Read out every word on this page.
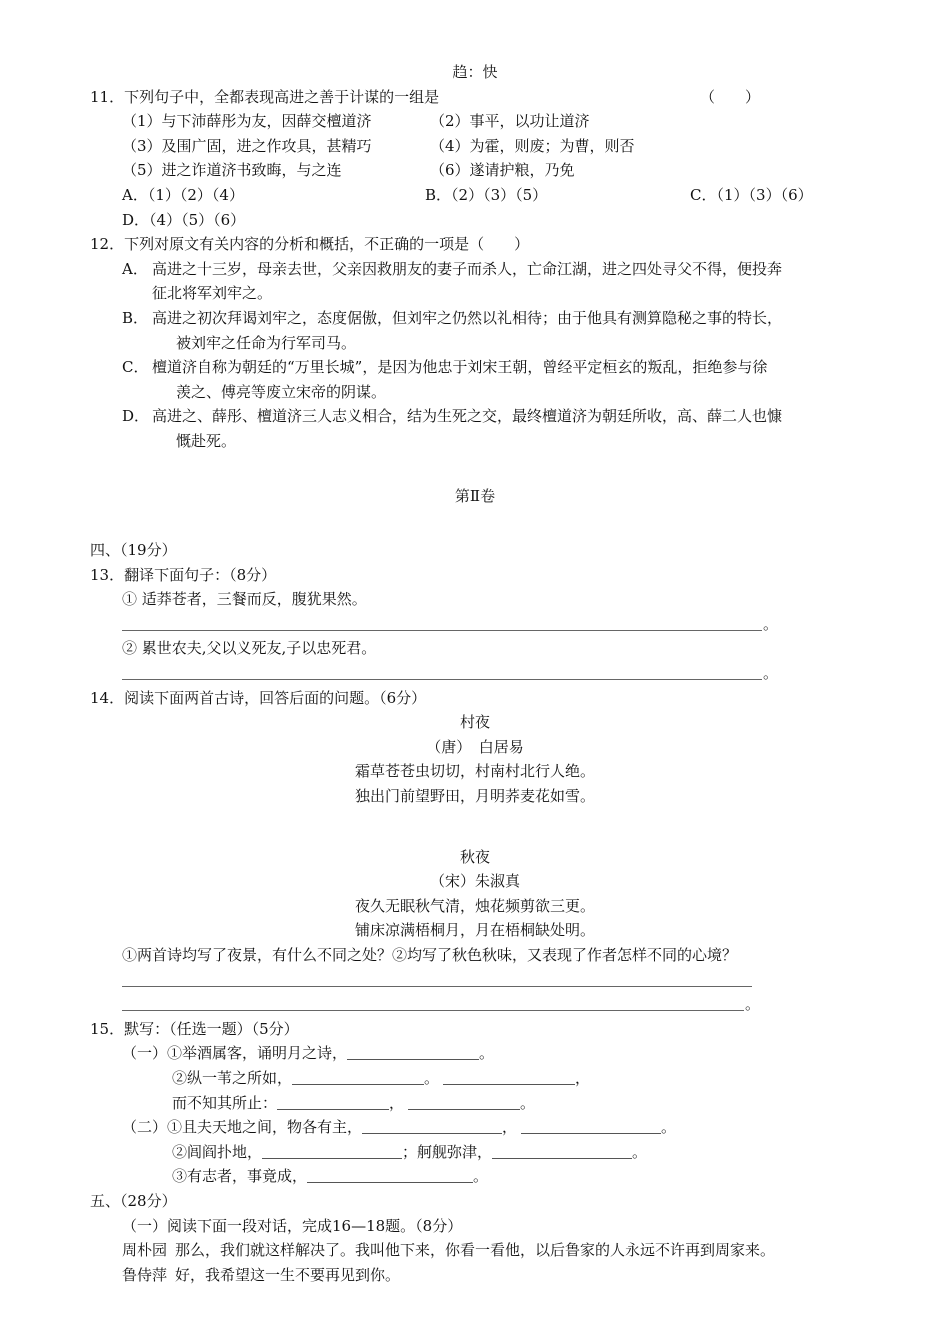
趋：快
11．下列句子中，全都表现高进之善于计谋的一组是	（　　）
（1）与下沛薛彤为友，因薛交檀道济	（2）事平，以功让道济
（3）及围广固，进之作攻具，甚精巧	（4）为霍，则废；为曹，则否
（5）进之诈道济书致晦，与之连	（6）遂请护粮，乃免
A．（1）（2）（4）	B．（2）（3）（5）	C．（1）（3）（6）
D．（4）（5）（6）
12．下列对原文有关内容的分析和概括，不正确的一项是（　　）
A． 高进之十三岁，母亲去世，父亲因救朋友的妻子而杀人，亡命江湖，进之四处寻父不得，便投奔
征北将军刘牢之。
B． 高进之初次拜谒刘牢之，态度倨傲，但刘牢之仍然以礼相待；由于他具有测算隐秘之事的特长，
被刘牢之任命为行军司马。
C． 檀道济自称为朝廷的“万里长城”，是因为他忠于刘宋王朝，曾经平定桓玄的叛乱，拒绝参与徐
羡之、傅亮等废立宋帝的阴谋。
D． 高进之、薛彤、檀道济三人志义相合，结为生死之交，最终檀道济为朝廷所收，高、薛二人也慷
慨赴死。
第Ⅱ卷
四、（19分）
13．翻译下面句子：（8分）
① 适莽苍者，三餐而反，腹犹果然。
。
② 累世农夫,父以义死友,子以忠死君。
。
14．阅读下面两首古诗，回答后面的问题。（6分）
村夜
（唐）　白居易
霜草苍苍虫切切，村南村北行人绝。
独出门前望野田，月明荞麦花如雪。
秋夜
（宋）朱淑真
夜久无眠秋气清，烛花频剪欲三更。
铺床凉满梧桐月，月在梧桐缺处明。
①两首诗均写了夜景，有什么不同之处？②均写了秋色秋味，又表现了作者怎样不同的心境？
。
15．默写：（任选一题）（5分）
（一）①举酒属客，诵明月之诗，	。
②纵一苇之所如，	。	，
而不知其所止：	，	。
（二）①且夫天地之间，物各有主，	，	。
②闾阎扑地，	；舸舰弥津，	。
③有志者，事竟成，	。
五、（28分）
（一）阅读下面一段对话，完成16—18题。（8分）
周朴园 那么，我们就这样解决了。我叫他下来，你看一看他，以后鲁家的人永远不许再到周家来。
鲁侍萍 好，我希望这一生不要再见到你。
